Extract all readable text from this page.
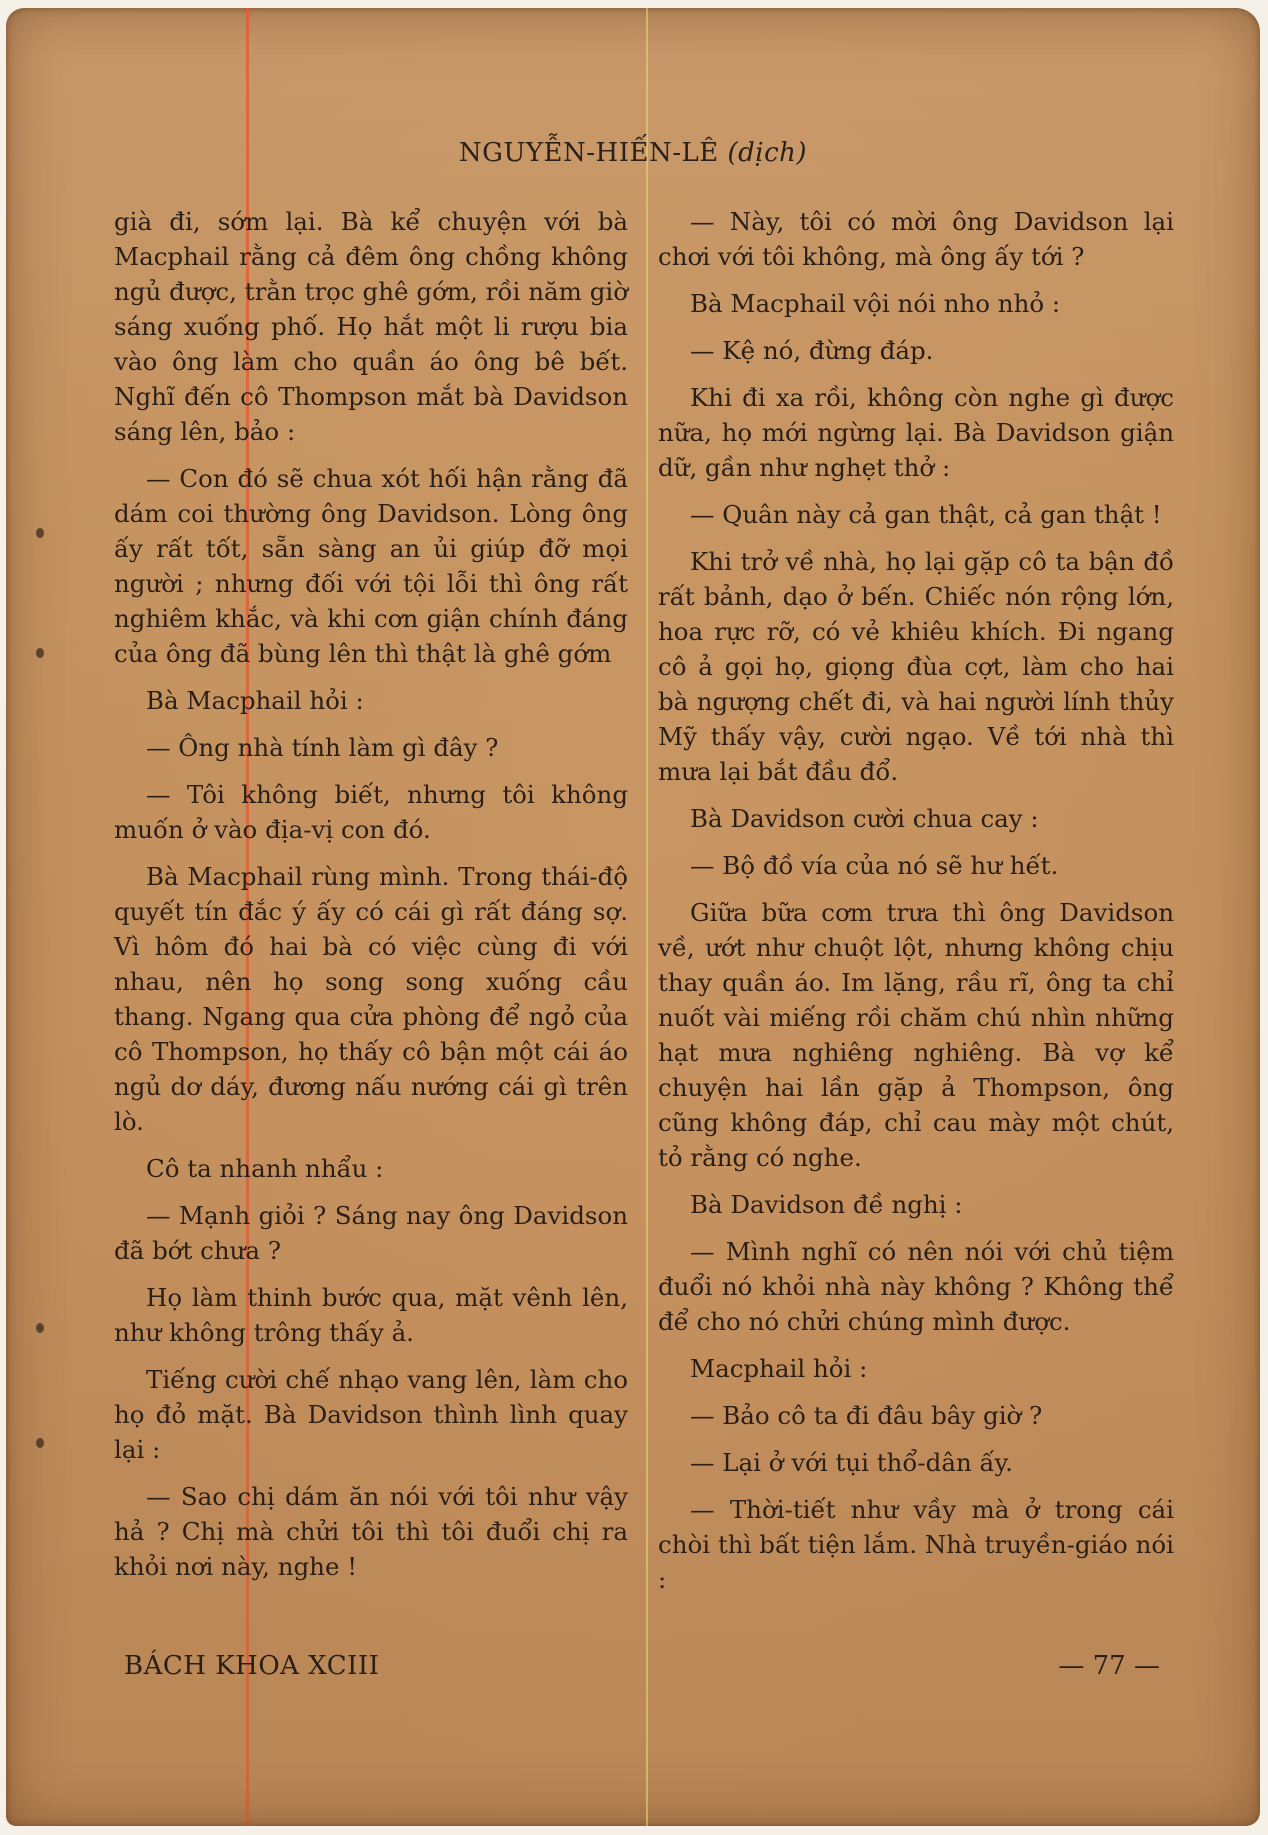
NGUYỄN-HIẾN-LÊ (dịch)

già đi, sớm lại. Bà kể chuyện với bà Macphail rằng cả đêm ông chồng không ngủ được, trằn trọc ghê gớm, rồi năm giờ sáng xuống phố. Họ hắt một li rượu bia vào ông làm cho quần áo ông bê bết. Nghĩ đến cô Thompson mắt bà Davidson sáng lên, bảo :

— Con đó sẽ chua xót hối hận rằng đã dám coi thường ông Davidson. Lòng ông ấy rất tốt, sẵn sàng an ủi giúp đỡ mọi người ; nhưng đối với tội lỗi thì ông rất nghiêm khắc, và khi cơn giận chính đáng của ông đã bùng lên thì thật là ghê gớm

Bà Macphail hỏi :

— Ông nhà tính làm gì đây ?

— Tôi không biết, nhưng tôi không muốn ở vào địa-vị con đó.

Bà Macphail rùng mình. Trong thái-độ quyết tín đắc ý ấy có cái gì rất đáng sợ. Vì hôm đó hai bà có việc cùng đi với nhau, nên họ song song xuống cầu thang. Ngang qua cửa phòng để ngỏ của cô Thompson, họ thấy cô bận một cái áo ngủ dơ dáy, đương nấu nướng cái gì trên lò.

Cô ta nhanh nhẩu :

— Mạnh giỏi ? Sáng nay ông Davidson đã bớt chưa ?

Họ làm thinh bước qua, mặt vênh lên, như không trông thấy ả.

Tiếng cười chế nhạo vang lên, làm cho họ đỏ mặt. Bà Davidson thình lình quay lại :

— Sao chị dám ăn nói với tôi như vậy hả ? Chị mà chửi tôi thì tôi đuổi chị ra khỏi nơi này, nghe !

— Này, tôi có mời ông Davidson lại chơi với tôi không, mà ông ấy tới ?

Bà Macphail vội nói nho nhỏ :

— Kệ nó, đừng đáp.

Khi đi xa rồi, không còn nghe gì được nữa, họ mới ngừng lại. Bà Davidson giận dữ, gần như nghẹt thở :

— Quân này cả gan thật, cả gan thật !

Khi trở về nhà, họ lại gặp cô ta bận đồ rất bảnh, dạo ở bến. Chiếc nón rộng lớn, hoa rực rỡ, có vẻ khiêu khích. Đi ngang cô ả gọi họ, giọng đùa cợt, làm cho hai bà ngượng chết đi, và hai người lính thủy Mỹ thấy vậy, cười ngạo. Về tới nhà thì mưa lại bắt đầu đổ.

Bà Davidson cười chua cay :

— Bộ đồ vía của nó sẽ hư hết.

Giữa bữa cơm trưa thì ông Davidson về, ướt như chuột lột, nhưng không chịu thay quần áo. Im lặng, rầu rĩ, ông ta chỉ nuốt vài miếng rồi chăm chú nhìn những hạt mưa nghiêng nghiêng. Bà vợ kể chuyện hai lần gặp ả Thompson, ông cũng không đáp, chỉ cau mày một chút, tỏ rằng có nghe.

Bà Davidson đề nghị :

— Mình nghĩ có nên nói với chủ tiệm đuổi nó khỏi nhà này không ? Không thể để cho nó chửi chúng mình được.

Macphail hỏi :

— Bảo cô ta đi đâu bây giờ ?

— Lại ở với tụi thổ-dân ấy.

— Thời-tiết như vầy mà ở trong cái chòi thì bất tiện lắm. Nhà truyền-giáo nói :

BÁCH KHOA XCIII	— 77 —
